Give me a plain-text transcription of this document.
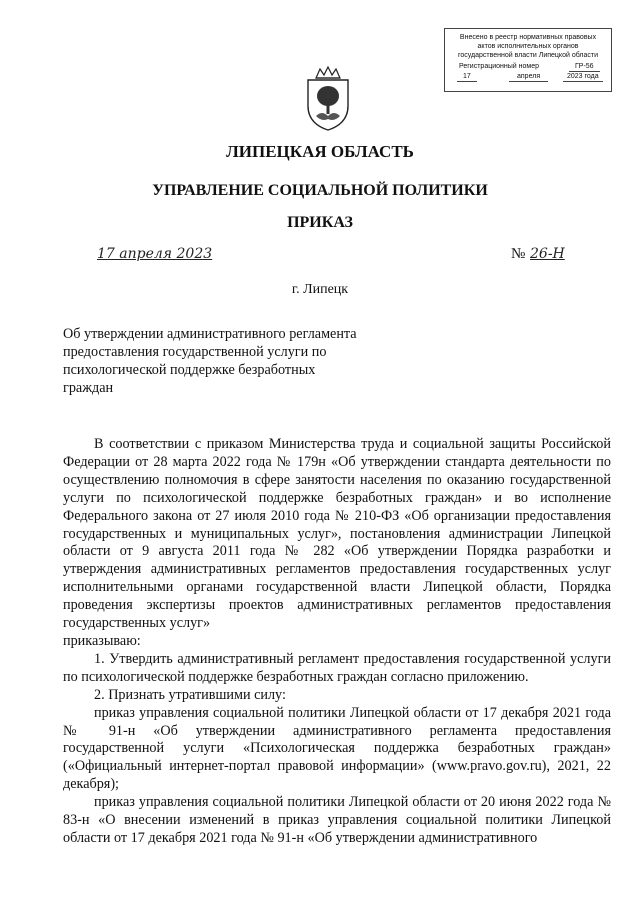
Внесено в реестр нормативных правовых
актов исполнительных органов
государственной власти Липецкой области
Регистрационный номер	ГР-56
17	апреля	2023 года
ЛИПЕЦКАЯ ОБЛАСТЬ
УПРАВЛЕНИЕ СОЦИАЛЬНОЙ ПОЛИТИКИ
ПРИКАЗ
17 апреля 2023	№ 26-Н
г. Липецк
Об утверждении административного регламента предоставления государственной услуги по психологической поддержке безработных граждан

В соответствии с приказом Министерства труда и социальной защиты Российской Федерации от 28 марта 2022 года № 179н «Об утверждении стандарта деятельности по осуществлению полномочия в сфере занятости населения по оказанию государственной услуги по психологической поддержке безработных граждан» и во исполнение Федерального закона от 27 июля 2010 года № 210-ФЗ «Об организации предоставления государственных и муниципальных услуг», постановления администрации Липецкой области от 9 августа 2011 года № 282 «Об утверждении Порядка разработки и утверждения административных регламентов предоставления государственных услуг исполнительными органами государственной власти Липецкой области, Порядка проведения экспертизы проектов административных регламентов предоставления государственных услуг»

приказываю:

1. Утвердить административный регламент предоставления государственной услуги по психологической поддержке безработных граждан согласно приложению.

2. Признать утратившими силу:

приказ управления социальной политики Липецкой области от 17 декабря 2021 года № 91-н «Об утверждении административного регламента предоставления государственной услуги «Психологическая поддержка безработных граждан» («Официальный интернет-портал правовой информации» (www.pravo.gov.ru), 2021, 22 декабря);

приказ управления социальной политики Липецкой области от 20 июня 2022 года № 83-н «О внесении изменений в приказ управления социальной политики Липецкой области от 17 декабря 2021 года № 91-н «Об утверждении административного
